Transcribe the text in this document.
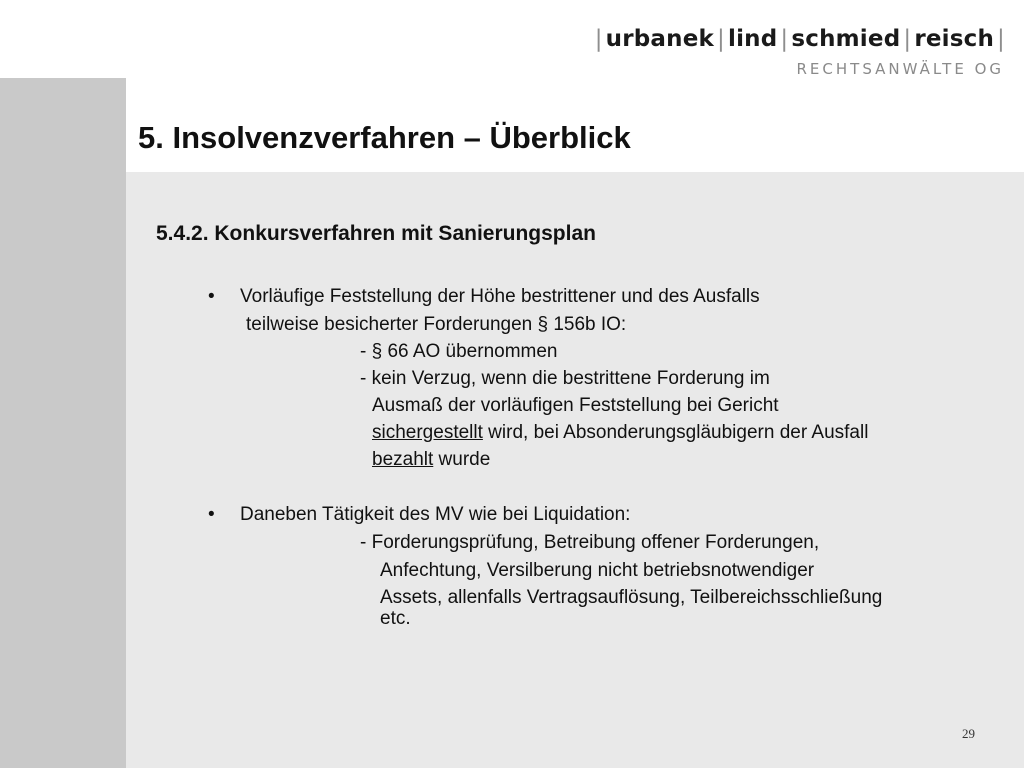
| urbanek | lind | schmied | reisch |
RECHTSANWÄLTE OG
5. Insolvenzverfahren – Überblick
5.4.2. Konkursverfahren mit Sanierungsplan
• Vorläufige Feststellung der Höhe bestrittener und des Ausfalls
teilweise besicherter Forderungen § 156b IO:
- § 66 AO übernommen
- kein Verzug, wenn die bestrittene Forderung im
Ausmaß der vorläufigen Feststellung bei Gericht
sichergestellt wird, bei Absonderungsgläubigern der Ausfall
bezahlt wurde
• Daneben Tätigkeit des MV wie bei Liquidation:
- Forderungsprüfung, Betreibung offener Forderungen,
Anfechtung, Versilberung nicht betriebsnotwendiger
Assets, allenfalls Vertragsauflösung, Teilbereichsschließung
etc.
29
